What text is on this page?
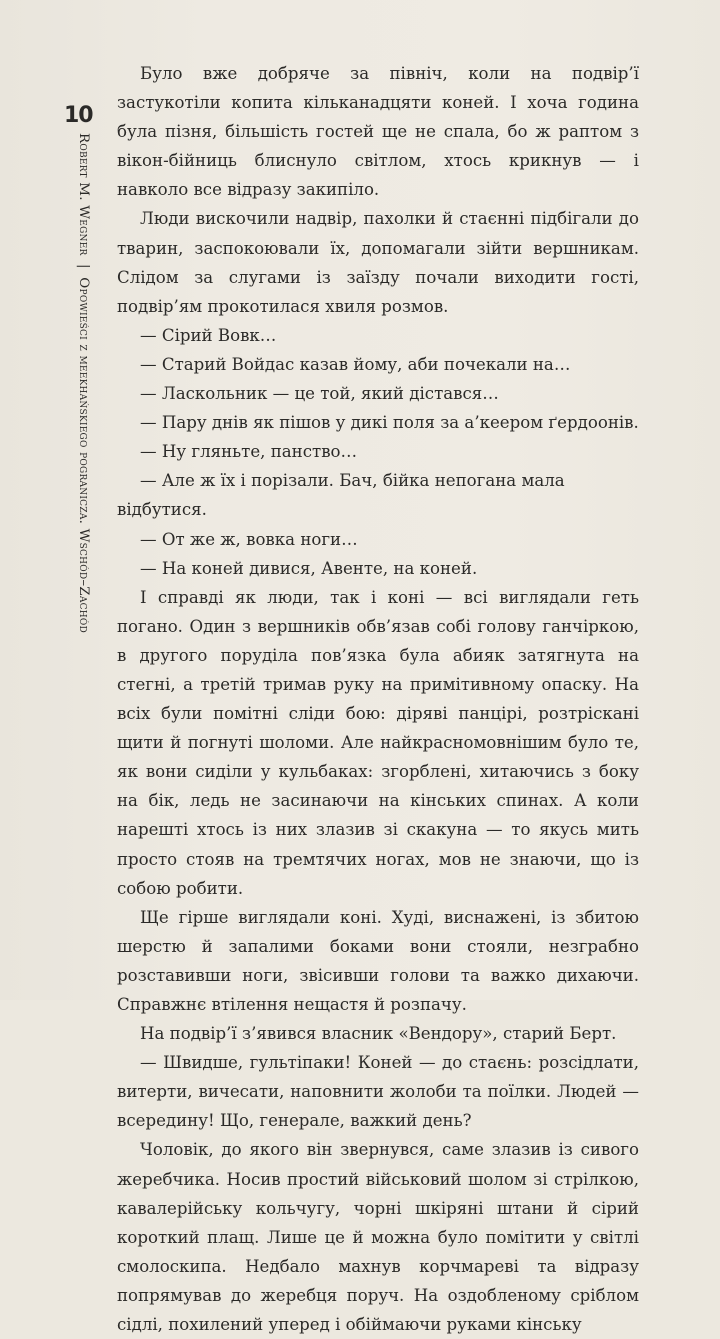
10
Robert M. Wegner | Opowieści z meekhańskiego pogranicza. Wschód–Zachód

Було вже добряче за північ, коли на подвір’ї застукотіли копита кільканадцяти коней. І хоча година була пізня, більшість гостей ще не спала, бо ж раптом з вікон-бійниць блиснуло світлом, хтось крикнув — і навколо все відразу закипіло.

Люди вискочили надвір, пахолки й стаєнні підбігали до тварин, заспокоювали їх, допомагали зійти вершникам. Слідом за слугами із заїзду почали виходити гості, подвір’ям прокотилася хвиля розмов.

— Сірий Вовк…

— Старий Войдас казав йому, аби почекали на…

— Ласкольник — це той, який дістався…

— Пару днів як пішов у дикі поля за а’кеером ґердоонів.

— Ну гляньте, панство…

— Але ж їх і порізали. Бач, бійка непогана мала відбутися.

— От же ж, вовка ноги…

— На коней дивися, Авенте, на коней.

І справді як люди, так і коні — всі виглядали геть погано. Один з вершників обв’язав собі голову ганчіркою, в другого поруділа пов’язка була абияк затягнута на стегні, а третій тримав руку на примітивному опаску. На всіх були помітні сліди бою: діряві панцірі, розтріскані щити й погнуті шоломи. Але найкрасномовнішим було те, як вони сиділи у кульбаках: згорблені, хитаючись з боку на бік, ледь не засинаючи на кінських спинах. А коли нарешті хтось із них злазив зі скакуна — то якусь мить просто стояв на тремтячих ногах, мов не знаючи, що із собою робити.

Ще гірше виглядали коні. Худі, виснажені, із збитою шерстю й запалими боками вони стояли, незграбно розставивши ноги, звісивши голови та важко дихаючи. Справжнє втілення нещастя й розпачу.

На подвір’ї з’явився власник «Вендору», старий Берт.

— Швидше, гультіпаки! Коней — до стаєнь: розсідлати, витерти, вичесати, наповнити жолоби та поїлки. Людей — всередину! Що, генерале, важкий день?

Чоловік, до якого він звернувся, саме злазив із сивого жеребчика. Носив простий військовий шолом зі стрілкою, кавалерійську кольчугу, чорні шкіряні штани й сірий короткий плащ. Лише це й можна було помітити у світлі смолоскипа. Недбало махнув корчмареві та відразу попрямував до жеребця поруч. На оздобленому сріблом сідлі, похилений уперед і обіймаючи руками кінську
